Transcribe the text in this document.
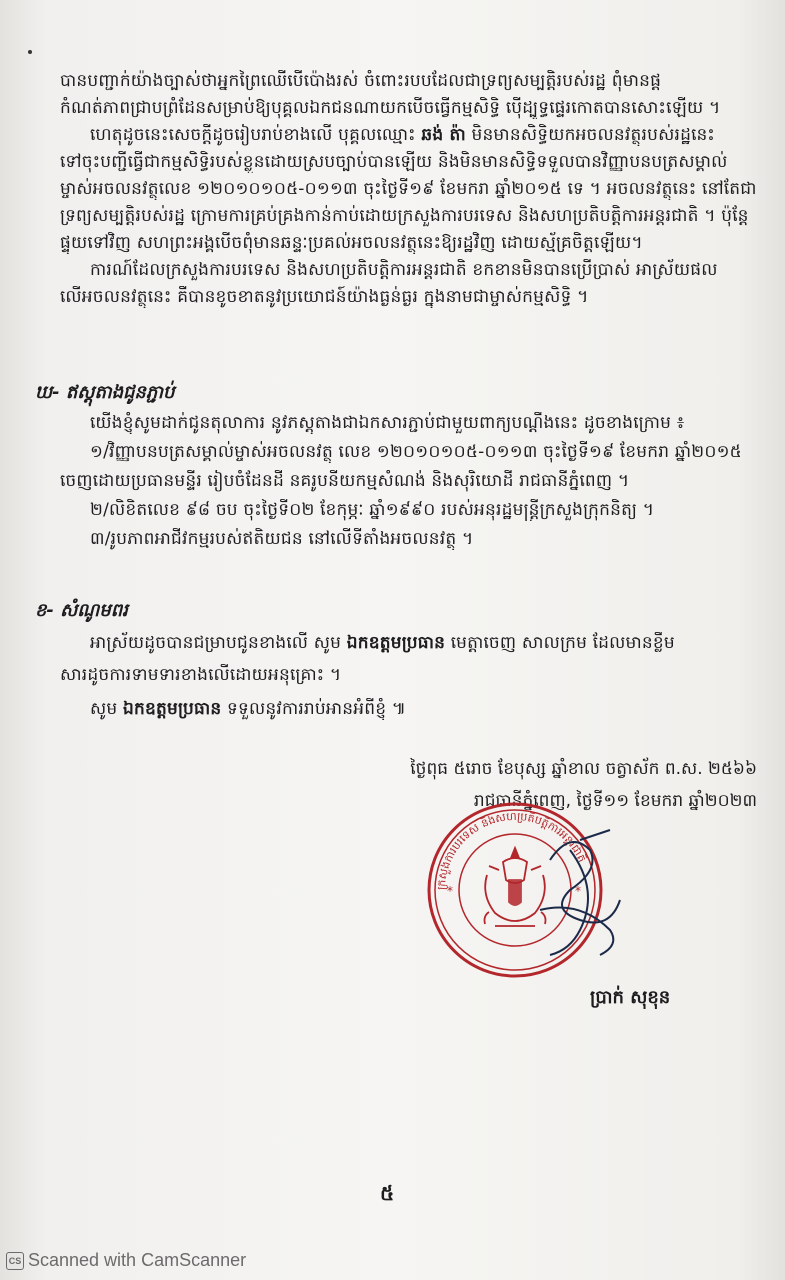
បានបញ្ជាក់យ៉ាងច្បាស់ថាអ្នកព្រៃឈើបើប៉ោងរស់ ចំពោះរបបដែលជាទ្រព្យសម្បត្តិរបស់រដ្ឋ ពុំមានផ្ដ
កំណត់ភាពជ្រាបព្រំដែនសម្រាប់ឱ្យបុគ្គលឯកជនណាយកបើចធ្វើកម្មសិទ្ធិ ប៉ើដ្បូទ្ធផ្ទេរកោតបានសោះឡើយ ។
ហេតុដូចនេះសេចក្តីដូចរៀបរាប់ខាងលើ បុគ្គលឈ្មោះ ឆង់ ត៉ា មិនមានសិទ្ធិយកអចលនវត្ថុរបស់រដ្ឋនេះ
ទៅចុះបញ្ជីធ្វើជាកម្មសិទ្ធិរបស់ខ្លួនដោយស្របច្បាប់បានឡើយ និងមិនមានសិទ្ធិទទួលបានវិញ្ញាបនបត្រសម្គាល់
ម្ចាស់អចលនវត្ថុលេខ ១២០១០១០៥-០១១៣ ចុះថ្ងៃទី១៩ ខែមករា ឆ្នាំ២០១៥ ទេ ។ អចលនវត្ថុនេះ នៅតែជា
ទ្រព្យសម្បត្តិរបស់រដ្ឋ ក្រោមការគ្រប់គ្រងកាន់កាប់ដោយក្រសួងការបរទេស និងសហប្រតិបត្តិការអន្តរជាតិ ។ ប៉ុន្តែ
ផ្ទុយទៅវិញ សហព្រះអង្គបើចពុំមានឆន្ទៈប្រគល់អចលនវត្ថុនេះឱ្យរដ្ឋវិញ ដោយស្ម័គ្រចិត្តឡើយ។
ការណ៍ដែលក្រសួងការបរទេស និងសហប្រតិបត្តិការអន្តរជាតិ ខកខានមិនបានប្រើប្រាស់ អាស្រ័យផល
លើអចលនវត្ថុនេះ គឺបានខូចខាតនូវប្រយោជន៍យ៉ាងធ្ងន់ធ្ងរ ក្នុងនាមជាម្ចាស់កម្មសិទ្ធិ ។
ឃ- ឥស្តុតាងជូនភ្ជាប់
យើងខ្ញុំសូមដាក់ជូនតុលាការ នូវភស្តុតាងជាឯកសារភ្ជាប់ជាមួយពាក្យបណ្តឹងនេះ ដូចខាងក្រោម ៖
១/វិញ្ញាបនបត្រសម្គាល់ម្ចាស់អចលនវត្ថុ លេខ ១២០១០១០៥-០១១៣ ចុះថ្ងៃទី១៩ ខែមករា ឆ្នាំ២០១៥
ចេញដោយប្រធានមន្ទីរ រៀបចំដែនដី នគរូបនីយកម្មសំណង់ និងសុរិយោដី រាជធានីភ្នំពេញ ។
២/លិខិតលេខ ៩៨ ចប ចុះថ្ងៃទី០២ ខែកុម្ភៈ ឆ្នាំ១៩៩០ របស់អនុរដ្ឋមន្ត្រីក្រសួងក្រុកនិត្យ ។
៣/រូបភាពអាជីវកម្មរបស់ឥតិយជន នៅលើទីតាំងអចលនវត្ថុ ។
ខ- សំណូមពរ
អាស្រ័យដូចបានជម្រាបជូនខាងលើ សូម ឯកឧត្តមប្រធាន មេត្តាចេញ សាលក្រម ដែលមានខ្លឹម
សារដូចការទាមទារខាងលើដោយអនុគ្រោះ ។
សូម ឯកឧត្តមប្រធាន ទទួលនូវការរាប់អានអំពីខ្ញុំ ៕
ថ្ងៃពុធ ៥រោច ខែបុស្ស ឆ្នាំខាល ចត្វាស័ក ព.ស. ២៥៦៦
រាជធានីភ្នំពេញ, ថ្ងៃទី១១ ខែមករា ឆ្នាំ២០២៣
ក្រសួងការបរទេស និងសហប្រតិបត្តិការអន្តរជាតិ
*	*
ប្រាក់ សុខុន
៥
CS Scanned with CamScanner
